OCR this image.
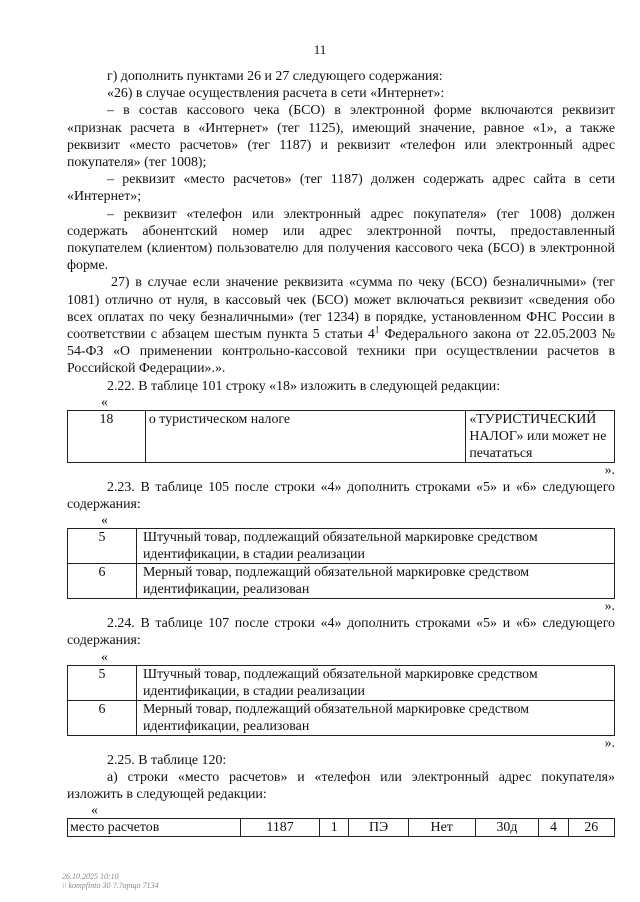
11

г) дополнить пунктами 26 и 27 следующего содержания:

«26) в случае осуществления расчета в сети «Интернет»:

– в состав кассового чека (БСО) в электронной форме включаются реквизит «признак расчета в «Интернет» (тег 1125), имеющий значение, равное «1», а также реквизит «место расчетов» (тег 1187) и реквизит «телефон или электронный адрес покупателя» (тег 1008);

– реквизит «место расчетов» (тег 1187) должен содержать адрес сайта в сети «Интернет»;

– реквизит «телефон или электронный адрес покупателя» (тег 1008) должен содержать абонентский номер или адрес электронной почты, предоставленный покупателем (клиентом) пользователю для получения кассового чека (БСО) в электронной форме.

27) в случае если значение реквизита «сумма по чеку (БСО) безналичными» (тег 1081) отлично от нуля, в кассовый чек (БСО) может включаться реквизит «сведения обо всех оплатах по чеку безналичными» (тег 1234) в порядке, установленном ФНС России в соответствии с абзацем шестым пункта 5 статьи $4^1$ Федерального закона от 22.05.2003 № 54-ФЗ «О применении контрольно-кассовой техники при осуществлении расчетов в Российской Федерации».».

2.22. В таблице 101 строку «18» изложить в следующей редакции:

«

18	о туристическом налоге	«ТУРИСТИЧЕСКИЙ НАЛОГ» или может не печататься

».

2.23. В таблице 105 после строки «4» дополнить строками «5» и «6» следующего содержания:

«

5	Штучный товар, подлежащий обязательной маркировке средством идентификации, в стадии реализации
6	Мерный товар, подлежащий обязательной маркировке средством идентификации, реализован

».

2.24. В таблице 107 после строки «4» дополнить строками «5» и «6» следующего содержания:

«

5	Штучный товар, подлежащий обязательной маркировке средством идентификации, в стадии реализации
6	Мерный товар, подлежащий обязательной маркировке средством идентификации, реализован

».

2.25. В таблице 120:

а) строки «место расчетов» и «телефон или электронный адрес покупателя» изложить в следующей редакции:

«

место расчетов	1187	1	ПЭ	Нет	30д	4	26
26.10.2025 10:10
\\ kompfinto 30 ?.?орщо 7134
